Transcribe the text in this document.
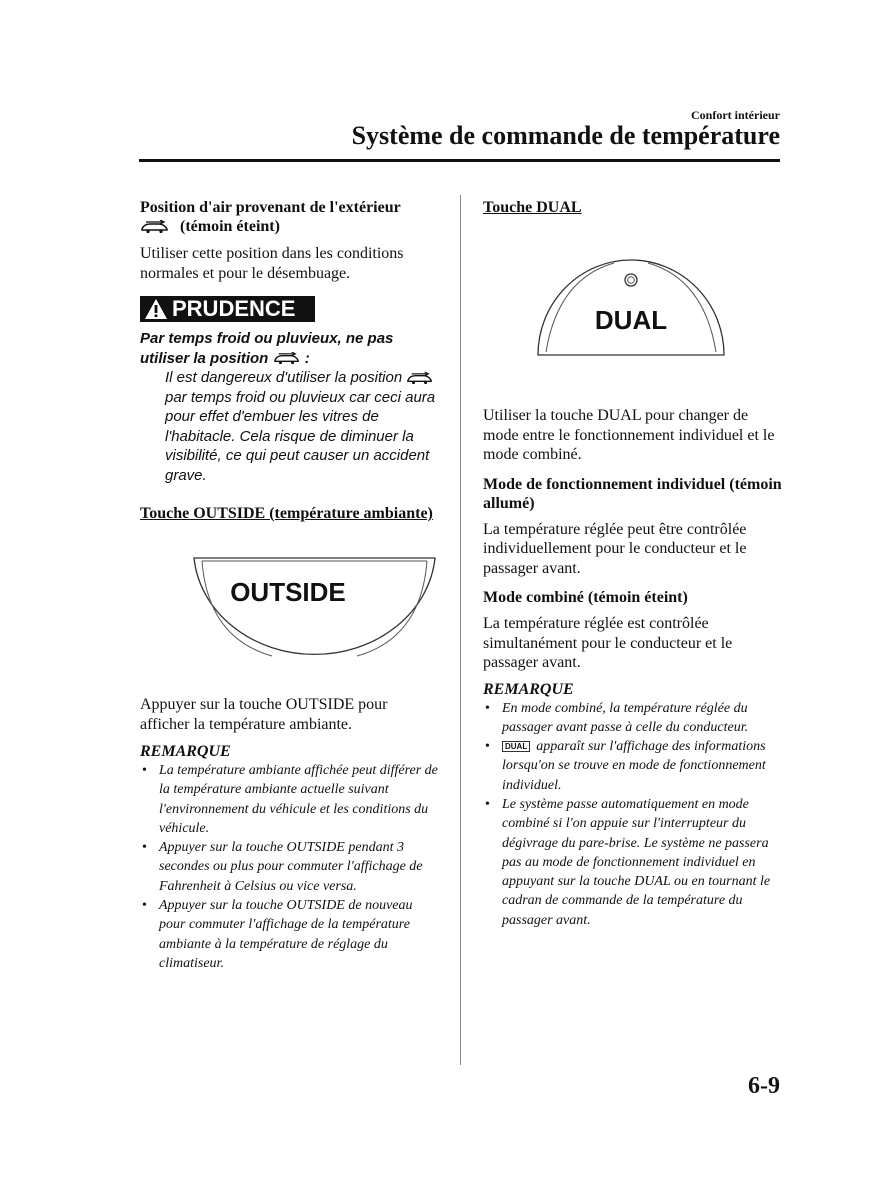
Confort intérieur
Système de commande de température

Position d'air provenant de l'extérieur

(témoin éteint)

Utiliser cette position dans les conditions normales et pour le désembuage.

PRUDENCE

Par temps froid ou pluvieux, ne pas utiliser la position :

Il est dangereux d'utiliser la position  par temps froid ou pluvieux car ceci aura pour effet d'embuer les vitres de l'habitacle. Cela risque de diminuer la visibilité, ce qui peut causer un accident grave.

Touche OUTSIDE (température ambiante)

OUTSIDE

Appuyer sur la touche OUTSIDE pour afficher la température ambiante.

REMARQUE

• La température ambiante affichée peut différer de la température ambiante actuelle suivant l'environnement du véhicule et les conditions du véhicule.
• Appuyer sur la touche OUTSIDE pendant 3 secondes ou plus pour commuter l'affichage de Fahrenheit à Celsius ou vice versa.
• Appuyer sur la touche OUTSIDE de nouveau pour commuter l'affichage de la température ambiante à la température de réglage du climatiseur.

Touche DUAL

DUAL

Utiliser la touche DUAL pour changer de mode entre le fonctionnement individuel et le mode combiné.

Mode de fonctionnement individuel (témoin allumé)

La température réglée peut être contrôlée individuellement pour le conducteur et le passager avant.

Mode combiné (témoin éteint)

La température réglée est contrôlée simultanément pour le conducteur et le passager avant.

REMARQUE

• En mode combiné, la température réglée du passager avant passe à celle du conducteur.
• DUAL apparaît sur l'affichage des informations lorsqu'on se trouve en mode de fonctionnement individuel.
• Le système passe automatiquement en mode combiné si l'on appuie sur l'interrupteur du dégivrage du pare-brise. Le système ne passera pas au mode de fonctionnement individuel en appuyant sur la touche DUAL ou en tournant le cadran de commande de la température du passager avant.
6-9
